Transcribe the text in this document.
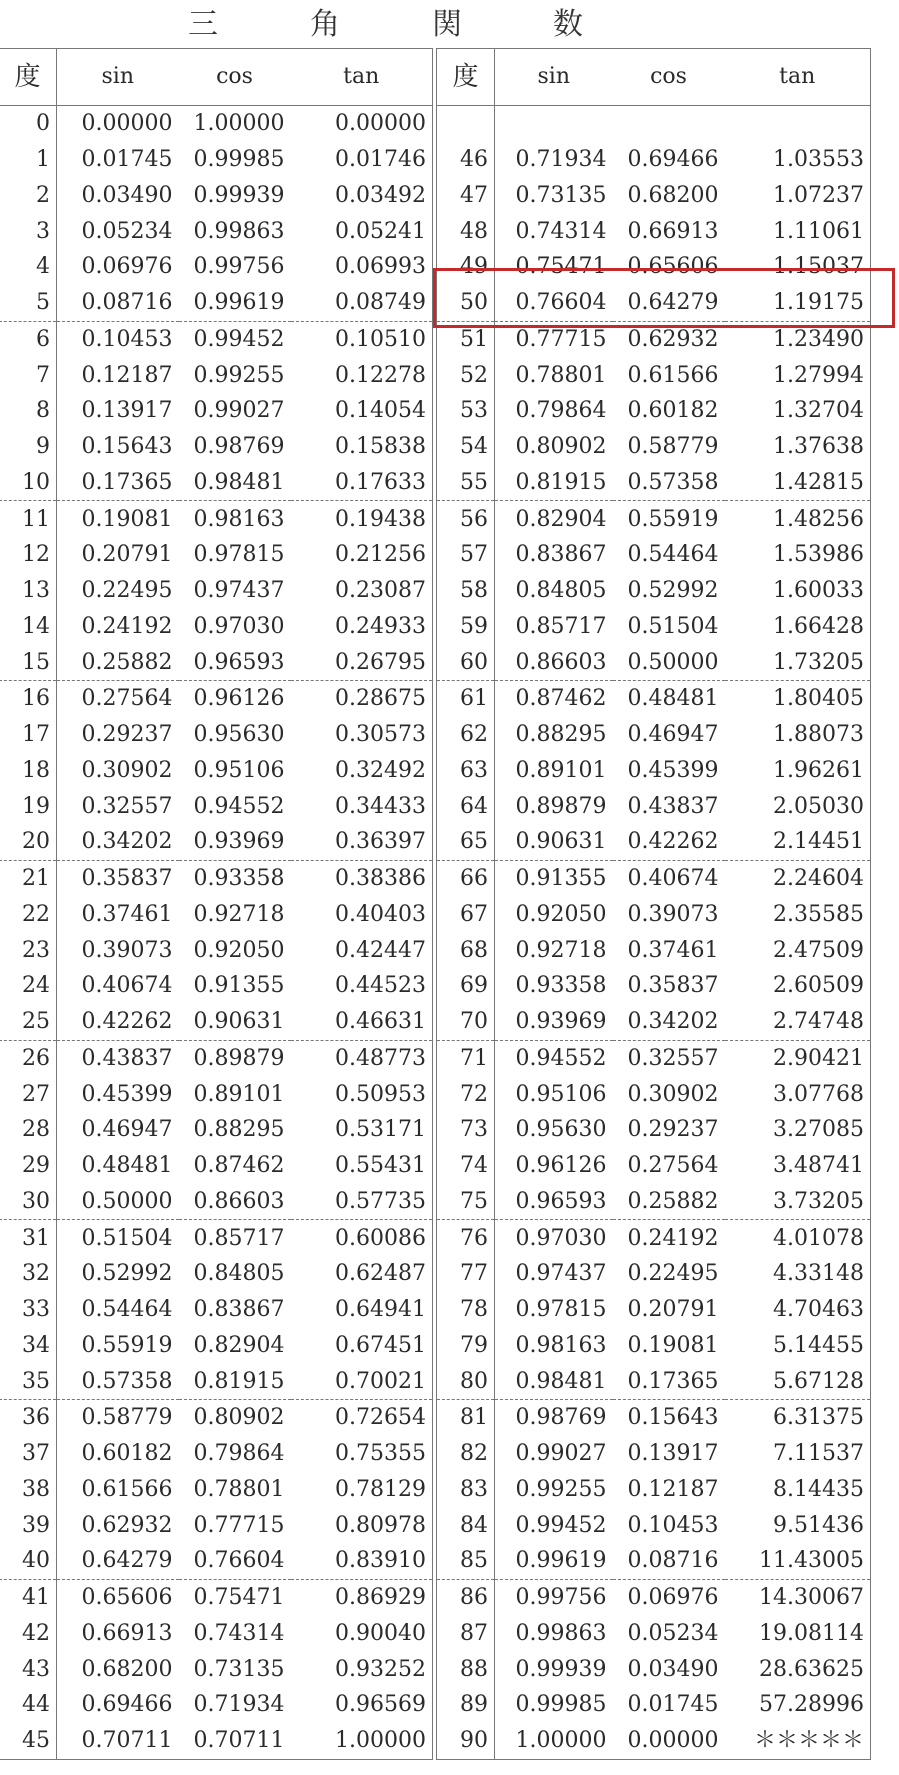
三	角	関	数
度	sin	cos	tan
0	0.00000	1.00000	0.00000
1	0.01745	0.99985	0.01746
2	0.03490	0.99939	0.03492
3	0.05234	0.99863	0.05241
4	0.06976	0.99756	0.06993
5	0.08716	0.99619	0.08749
6	0.10453	0.99452	0.10510
7	0.12187	0.99255	0.12278
8	0.13917	0.99027	0.14054
9	0.15643	0.98769	0.15838
10	0.17365	0.98481	0.17633
11	0.19081	0.98163	0.19438
12	0.20791	0.97815	0.21256
13	0.22495	0.97437	0.23087
14	0.24192	0.97030	0.24933
15	0.25882	0.96593	0.26795
16	0.27564	0.96126	0.28675
17	0.29237	0.95630	0.30573
18	0.30902	0.95106	0.32492
19	0.32557	0.94552	0.34433
20	0.34202	0.93969	0.36397
21	0.35837	0.93358	0.38386
22	0.37461	0.92718	0.40403
23	0.39073	0.92050	0.42447
24	0.40674	0.91355	0.44523
25	0.42262	0.90631	0.46631
26	0.43837	0.89879	0.48773
27	0.45399	0.89101	0.50953
28	0.46947	0.88295	0.53171
29	0.48481	0.87462	0.55431
30	0.50000	0.86603	0.57735
31	0.51504	0.85717	0.60086
32	0.52992	0.84805	0.62487
33	0.54464	0.83867	0.64941
34	0.55919	0.82904	0.67451
35	0.57358	0.81915	0.70021
36	0.58779	0.80902	0.72654
37	0.60182	0.79864	0.75355
38	0.61566	0.78801	0.78129
39	0.62932	0.77715	0.80978
40	0.64279	0.76604	0.83910
41	0.65606	0.75471	0.86929
42	0.66913	0.74314	0.90040
43	0.68200	0.73135	0.93252
44	0.69466	0.71934	0.96569
45	0.70711	0.70711	1.00000
度	sin	cos	tan

46	0.71934	0.69466	1.03553
47	0.73135	0.68200	1.07237
48	0.74314	0.66913	1.11061
49	0.75471	0.65606	1.15037
50	0.76604	0.64279	1.19175
51	0.77715	0.62932	1.23490
52	0.78801	0.61566	1.27994
53	0.79864	0.60182	1.32704
54	0.80902	0.58779	1.37638
55	0.81915	0.57358	1.42815
56	0.82904	0.55919	1.48256
57	0.83867	0.54464	1.53986
58	0.84805	0.52992	1.60033
59	0.85717	0.51504	1.66428
60	0.86603	0.50000	1.73205
61	0.87462	0.48481	1.80405
62	0.88295	0.46947	1.88073
63	0.89101	0.45399	1.96261
64	0.89879	0.43837	2.05030
65	0.90631	0.42262	2.14451
66	0.91355	0.40674	2.24604
67	0.92050	0.39073	2.35585
68	0.92718	0.37461	2.47509
69	0.93358	0.35837	2.60509
70	0.93969	0.34202	2.74748
71	0.94552	0.32557	2.90421
72	0.95106	0.30902	3.07768
73	0.95630	0.29237	3.27085
74	0.96126	0.27564	3.48741
75	0.96593	0.25882	3.73205
76	0.97030	0.24192	4.01078
77	0.97437	0.22495	4.33148
78	0.97815	0.20791	4.70463
79	0.98163	0.19081	5.14455
80	0.98481	0.17365	5.67128
81	0.98769	0.15643	6.31375
82	0.99027	0.13917	7.11537
83	0.99255	0.12187	8.14435
84	0.99452	0.10453	9.51436
85	0.99619	0.08716	11.43005
86	0.99756	0.06976	14.30067
87	0.99863	0.05234	19.08114
88	0.99939	0.03490	28.63625
89	0.99985	0.01745	57.28996
90	1.00000	0.00000	＊＊＊＊＊
